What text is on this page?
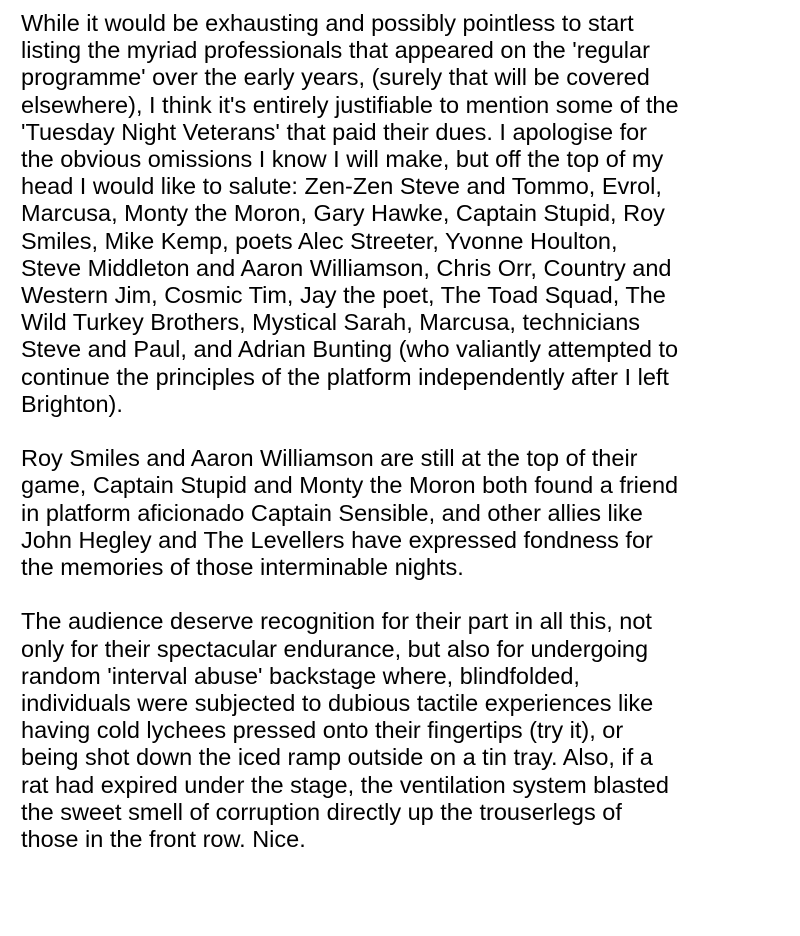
While it would be exhausting and possibly pointless to start
listing the myriad professionals that appeared on the 'regular
programme' over the early years, (surely that will be covered
elsewhere), I think it's entirely justifiable to mention some of the
'Tuesday Night Veterans' that paid their dues. I apologise for
the obvious omissions I know I will make, but off the top of my
head I would like to salute: Zen-Zen Steve and Tommo, Evrol,
Marcusa, Monty the Moron, Gary Hawke, Captain Stupid, Roy
Smiles, Mike Kemp, poets Alec Streeter, Yvonne Houlton,
Steve Middleton and Aaron Williamson, Chris Orr, Country and
Western Jim, Cosmic Tim, Jay the poet, The Toad Squad, The
Wild Turkey Brothers, Mystical Sarah, Marcusa, technicians
Steve and Paul, and Adrian Bunting (who valiantly attempted to
continue the principles of the platform independently after I left
Brighton).

Roy Smiles and Aaron Williamson are still at the top of their
game, Captain Stupid and Monty the Moron both found a friend
in platform aficionado Captain Sensible, and other allies like
John Hegley and The Levellers have expressed fondness for
the memories of those interminable nights.

The audience deserve recognition for their part in all this, not
only for their spectacular endurance, but also for undergoing
random 'interval abuse' backstage where, blindfolded,
individuals were subjected to dubious tactile experiences like
having cold lychees pressed onto their fingertips (try it), or
being shot down the iced ramp outside on a tin tray. Also, if a
rat had expired under the stage, the ventilation system blasted
the sweet smell of corruption directly up the trouserlegs of
those in the front row. Nice.
